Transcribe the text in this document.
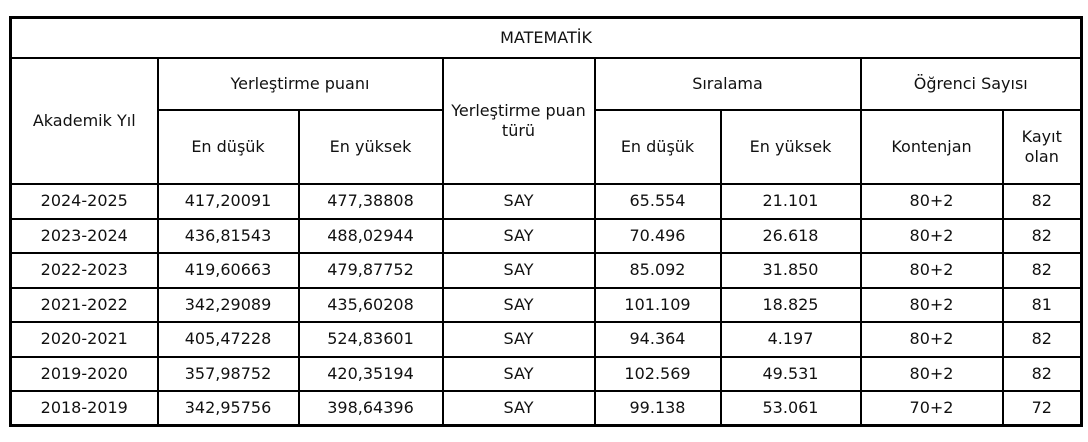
MATEMATİK							
Akademik Yıl	Yerleştirme puanı		Yerleştirme puan türü	Sıralama		Öğrenci Sayısı	
	En düşük	En yüksek		En düşük	En yüksek	Kontenjan	Kayıt olan
2024-2025	417,20091	477,38808	SAY	65.554	21.101	80+2	82
2023-2024	436,81543	488,02944	SAY	70.496	26.618	80+2	82
2022-2023	419,60663	479,87752	SAY	85.092	31.850	80+2	82
2021-2022	342,29089	435,60208	SAY	101.109	18.825	80+2	81
2020-2021	405,47228	524,83601	SAY	94.364	4.197	80+2	82
2019-2020	357,98752	420,35194	SAY	102.569	49.531	80+2	82
2018-2019	342,95756	398,64396	SAY	99.138	53.061	70+2	72
